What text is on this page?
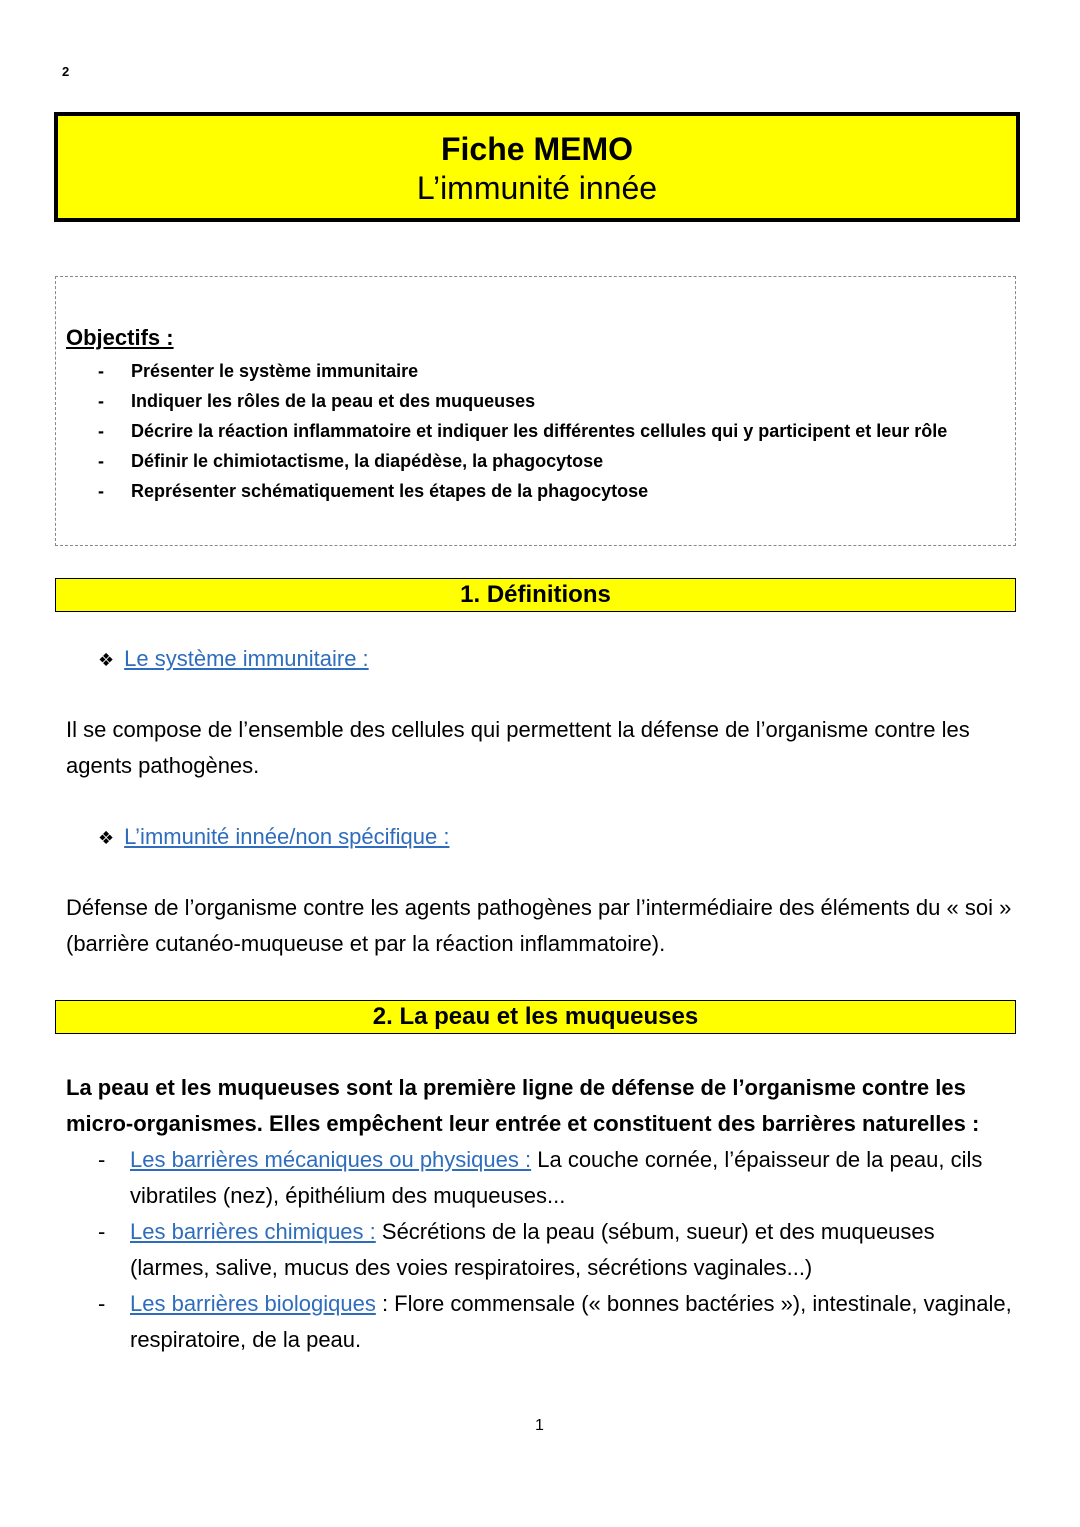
2
Fiche MEMO
L’immunité innée
Objectifs :
- Présenter le système immunitaire
- Indiquer les rôles de la peau et des muqueuses
- Décrire la réaction inflammatoire et indiquer les différentes cellules qui y participent et leur rôle
- Définir le chimiotactisme, la diapédèse, la phagocytose
- Représenter schématiquement les étapes de la phagocytose
1. Définitions
❖ Le système immunitaire :
Il se compose de l’ensemble des cellules qui permettent la défense de l’organisme contre les agents pathogènes.
❖ L’immunité innée/non spécifique :
Défense de l’organisme contre les agents pathogènes par l’intermédiaire des éléments du « soi » (barrière cutanéo-muqueuse et par la réaction inflammatoire).
2. La peau et les muqueuses
La peau et les muqueuses sont la première ligne de défense de l’organisme contre les micro-organismes. Elles empêchent leur entrée et constituent des barrières naturelles :
- Les barrières mécaniques ou physiques : La couche cornée, l’épaisseur de la peau, cils vibratiles (nez), épithélium des muqueuses...
- Les barrières chimiques : Sécrétions de la peau (sébum, sueur) et des muqueuses (larmes, salive, mucus des voies respiratoires, sécrétions vaginales...)
- Les barrières biologiques : Flore commensale (« bonnes bactéries »), intestinale, vaginale, respiratoire, de la peau.
1
